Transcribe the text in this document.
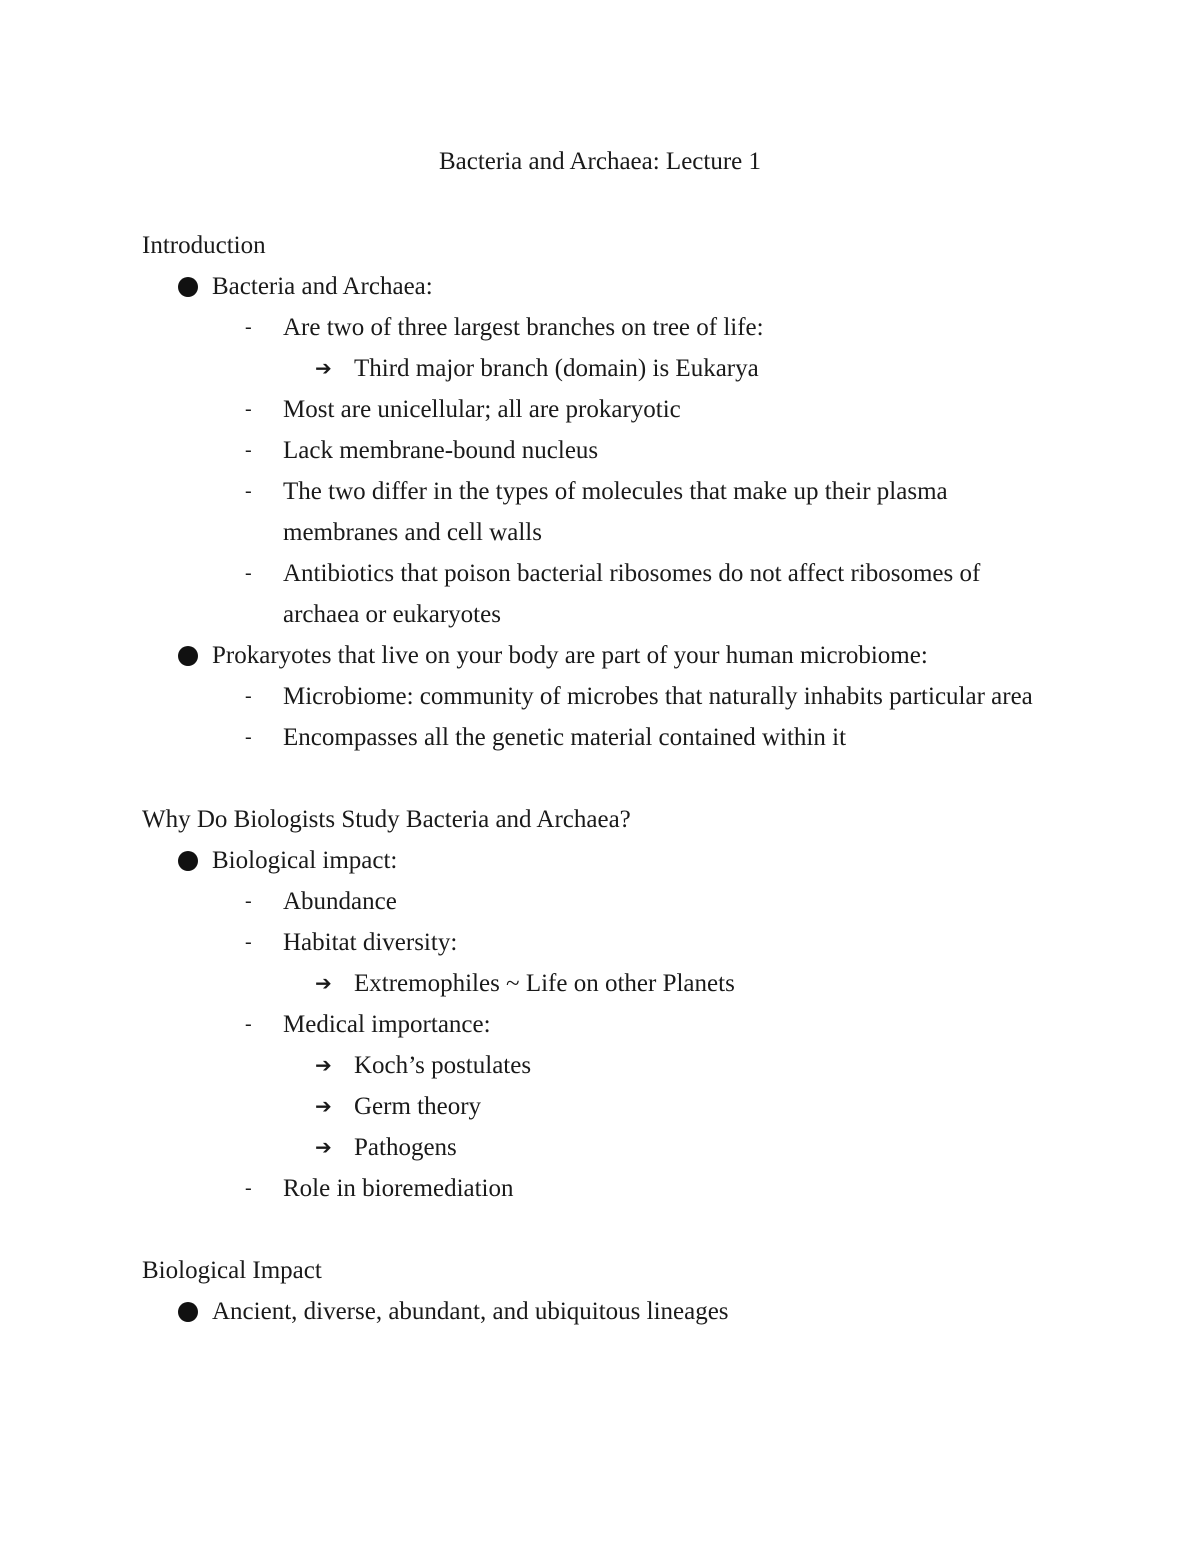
Bacteria and Archaea: Lecture 1
Introduction
Bacteria and Archaea:
- Are two of three largest branches on tree of life:
➔ Third major branch (domain) is Eukarya
- Most are unicellular; all are prokaryotic
- Lack membrane-bound nucleus
- The two differ in the types of molecules that make up their plasma membranes and cell walls
- Antibiotics that poison bacterial ribosomes do not affect ribosomes of archaea or eukaryotes
Prokaryotes that live on your body are part of your human microbiome:
- Microbiome: community of microbes that naturally inhabits particular area
- Encompasses all the genetic material contained within it
Why Do Biologists Study Bacteria and Archaea?
Biological impact:
- Abundance
- Habitat diversity:
➔ Extremophiles ~ Life on other Planets
- Medical importance:
➔ Koch’s postulates
➔ Germ theory
➔ Pathogens
- Role in bioremediation
Biological Impact
Ancient, diverse, abundant, and ubiquitous lineages
